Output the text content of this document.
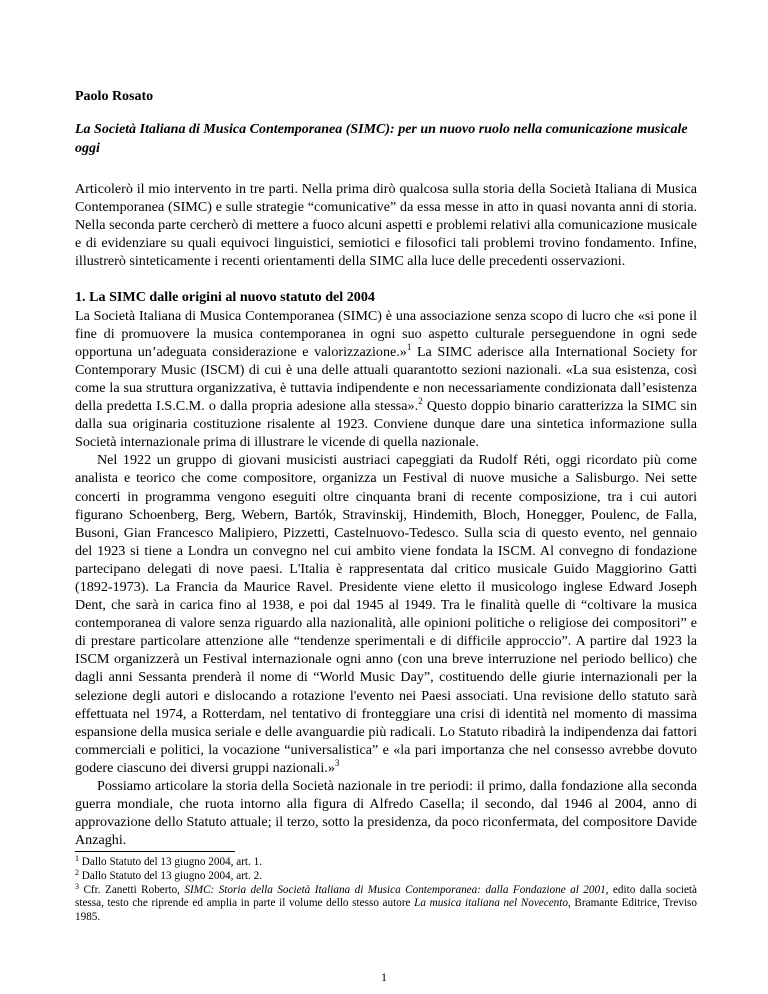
Paolo Rosato

La Società Italiana di Musica Contemporanea (SIMC): per un nuovo ruolo nella comunicazione musicale oggi

Articolerò il mio intervento in tre parti. Nella prima dirò qualcosa sulla storia della Società Italiana di Musica Contemporanea (SIMC) e sulle strategie “comunicative” da essa messe in atto in quasi novanta anni di storia. Nella seconda parte cercherò di mettere a fuoco alcuni aspetti e problemi relativi alla comunicazione musicale e di evidenziare su quali equivoci linguistici, semiotici e filosofici tali problemi trovino fondamento. Infine, illustrerò sinteticamente i recenti orientamenti della SIMC alla luce delle precedenti osservazioni.

1. La SIMC dalle origini al nuovo statuto del 2004

La Società Italiana di Musica Contemporanea (SIMC) è una associazione senza scopo di lucro che «si pone il fine di promuovere la musica contemporanea in ogni suo aspetto culturale perseguendone in ogni sede opportuna un’adeguata considerazione e valorizzazione.»$^1$ La SIMC aderisce alla International Society for Contemporary Music (ISCM) di cui è una delle attuali quarantotto sezioni nazionali. «La sua esistenza, così come la sua struttura organizzativa, è tuttavia indipendente e non necessariamente condizionata dall’esistenza della predetta I.S.C.M. o dalla propria adesione alla stessa».$^2$ Questo doppio binario caratterizza la SIMC sin dalla sua originaria costituzione risalente al 1923. Conviene dunque dare una sintetica informazione sulla Società internazionale prima di illustrare le vicende di quella nazionale.

Nel 1922 un gruppo di giovani musicisti austriaci capeggiati da Rudolf Réti, oggi ricordato più come analista e teorico che come compositore, organizza un Festival di nuove musiche a Salisburgo. Nei sette concerti in programma vengono eseguiti oltre cinquanta brani di recente composizione, tra i cui autori figurano Schoenberg, Berg, Webern, Bartók, Stravinskij, Hindemith, Bloch, Honegger, Poulenc, de Falla, Busoni, Gian Francesco Malipiero, Pizzetti, Castelnuovo-Tedesco. Sulla scia di questo evento, nel gennaio del 1923 si tiene a Londra un convegno nel cui ambito viene fondata la ISCM. Al convegno di fondazione partecipano delegati di nove paesi. L'Italia è rappresentata dal critico musicale Guido Maggiorino Gatti (1892-1973). La Francia da Maurice Ravel. Presidente viene eletto il musicologo inglese Edward Joseph Dent, che sarà in carica fino al 1938, e poi dal 1945 al 1949. Tra le finalità quelle di “coltivare la musica contemporanea di valore senza riguardo alla nazionalità, alle opinioni politiche o religiose dei compositori” e di prestare particolare attenzione alle “tendenze sperimentali e di difficile approccio”. A partire dal 1923 la ISCM organizzerà un Festival internazionale ogni anno (con una breve interruzione nel periodo bellico) che dagli anni Sessanta prenderà il nome di “World Music Day”, costituendo delle giurie internazionali per la selezione degli autori e dislocando a rotazione l'evento nei Paesi associati. Una revisione dello statuto sarà effettuata nel 1974, a Rotterdam, nel tentativo di fronteggiare una crisi di identità nel momento di massima espansione della musica seriale e delle avanguardie più radicali. Lo Statuto ribadirà la indipendenza dai fattori commerciali e politici, la vocazione “universalistica” e «la pari importanza che nel consesso avrebbe dovuto godere ciascuno dei diversi gruppi nazionali.»$^3$

Possiamo articolare la storia della Società nazionale in tre periodi: il primo, dalla fondazione alla seconda guerra mondiale, che ruota intorno alla figura di Alfredo Casella; il secondo, dal 1946 al 2004, anno di approvazione dello Statuto attuale; il terzo, sotto la presidenza, da poco riconfermata, del compositore Davide Anzaghi.

$^1$ Dallo Statuto del 13 giugno 2004, art. 1.
$^2$ Dallo Statuto del 13 giugno 2004, art. 2.
$^3$ Cfr. Zanetti Roberto, SIMC: Storia della Società Italiana di Musica Contemporanea: dalla Fondazione al 2001, edito dalla società stessa, testo che riprende ed amplia in parte il volume dello stesso autore La musica italiana nel Novecento, Bramante Editrice, Treviso 1985.
1
